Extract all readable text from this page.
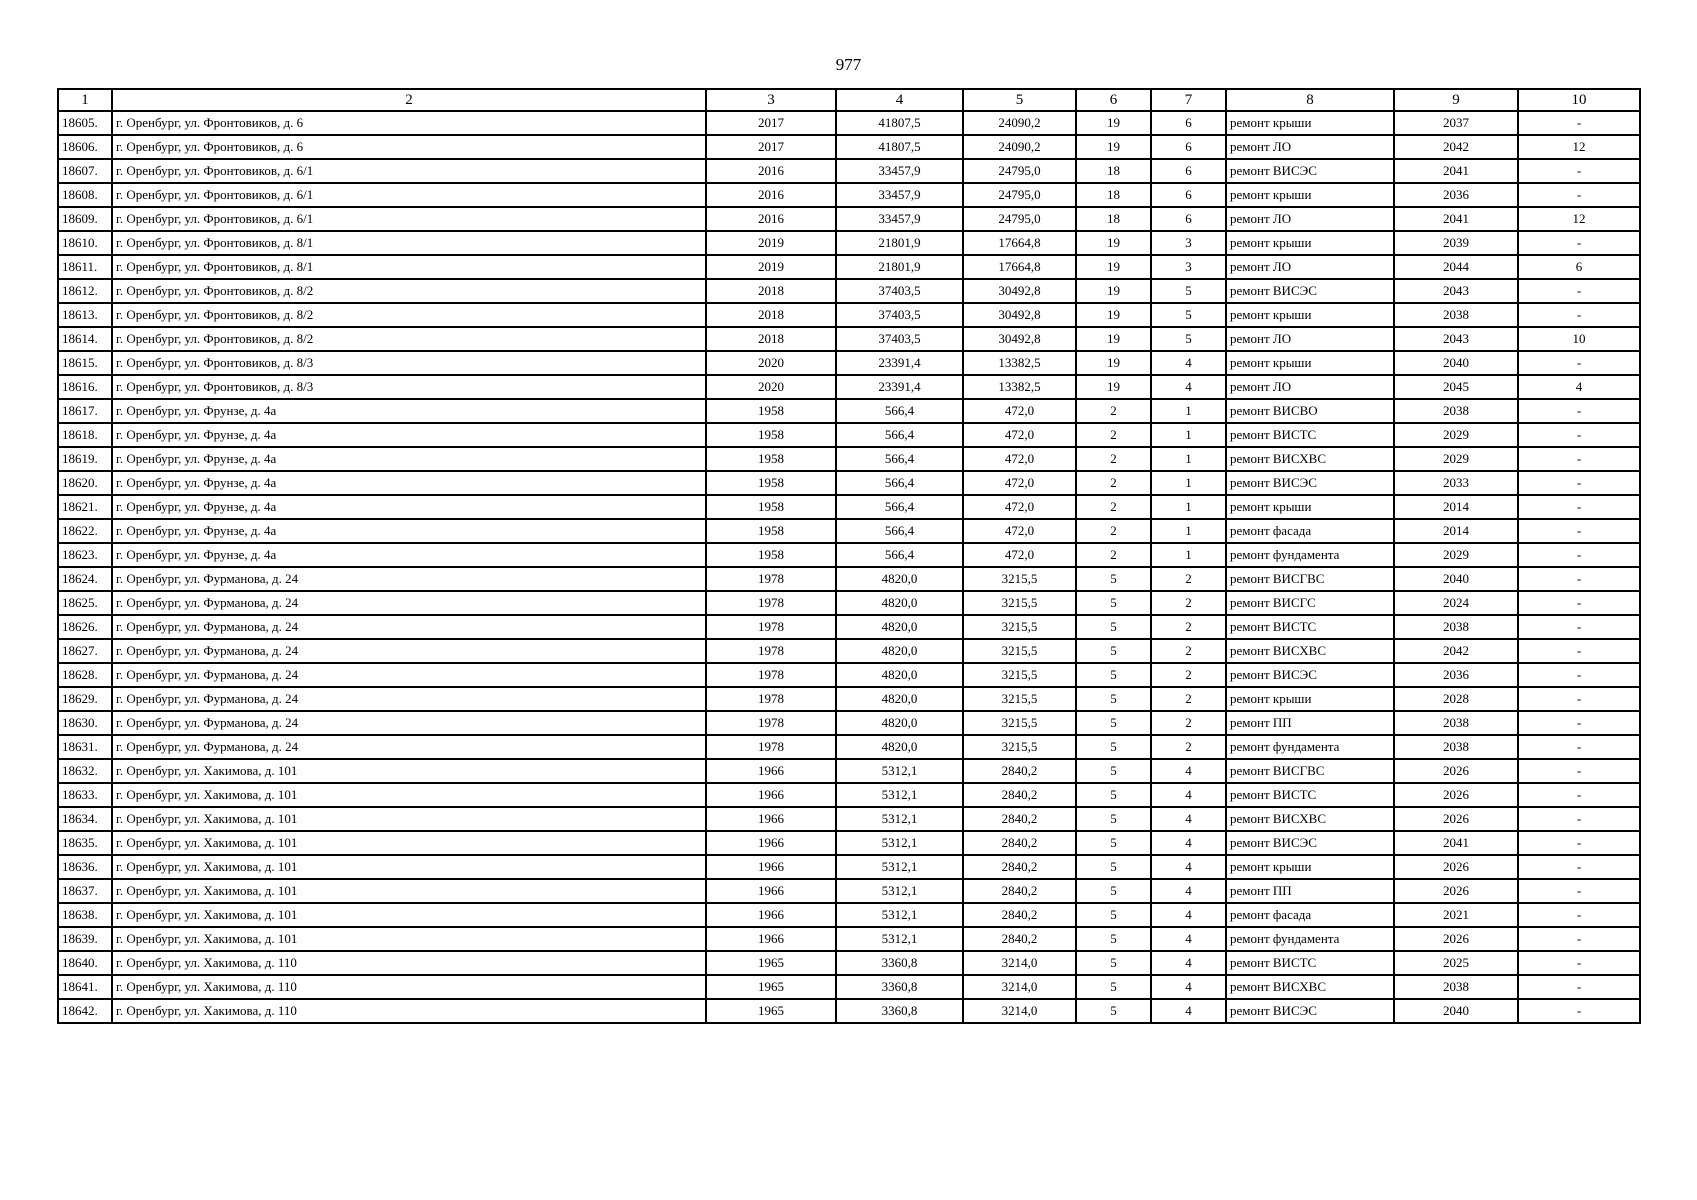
977
1	2	3	4	5	6	7	8	9	10
18605.	г. Оренбург, ул. Фронтовиков, д. 6	2017	41807,5	24090,2	19	6	ремонт крыши	2037	-
18606.	г. Оренбург, ул. Фронтовиков, д. 6	2017	41807,5	24090,2	19	6	ремонт ЛО	2042	12
18607.	г. Оренбург, ул. Фронтовиков, д. 6/1	2016	33457,9	24795,0	18	6	ремонт ВИСЭС	2041	-
18608.	г. Оренбург, ул. Фронтовиков, д. 6/1	2016	33457,9	24795,0	18	6	ремонт крыши	2036	-
18609.	г. Оренбург, ул. Фронтовиков, д. 6/1	2016	33457,9	24795,0	18	6	ремонт ЛО	2041	12
18610.	г. Оренбург, ул. Фронтовиков, д. 8/1	2019	21801,9	17664,8	19	3	ремонт крыши	2039	-
18611.	г. Оренбург, ул. Фронтовиков, д. 8/1	2019	21801,9	17664,8	19	3	ремонт ЛО	2044	6
18612.	г. Оренбург, ул. Фронтовиков, д. 8/2	2018	37403,5	30492,8	19	5	ремонт ВИСЭС	2043	-
18613.	г. Оренбург, ул. Фронтовиков, д. 8/2	2018	37403,5	30492,8	19	5	ремонт крыши	2038	-
18614.	г. Оренбург, ул. Фронтовиков, д. 8/2	2018	37403,5	30492,8	19	5	ремонт ЛО	2043	10
18615.	г. Оренбург, ул. Фронтовиков, д. 8/3	2020	23391,4	13382,5	19	4	ремонт крыши	2040	-
18616.	г. Оренбург, ул. Фронтовиков, д. 8/3	2020	23391,4	13382,5	19	4	ремонт ЛО	2045	4
18617.	г. Оренбург, ул. Фрунзе, д. 4а	1958	566,4	472,0	2	1	ремонт ВИСВО	2038	-
18618.	г. Оренбург, ул. Фрунзе, д. 4а	1958	566,4	472,0	2	1	ремонт ВИСТС	2029	-
18619.	г. Оренбург, ул. Фрунзе, д. 4а	1958	566,4	472,0	2	1	ремонт ВИСХВС	2029	-
18620.	г. Оренбург, ул. Фрунзе, д. 4а	1958	566,4	472,0	2	1	ремонт ВИСЭС	2033	-
18621.	г. Оренбург, ул. Фрунзе, д. 4а	1958	566,4	472,0	2	1	ремонт крыши	2014	-
18622.	г. Оренбург, ул. Фрунзе, д. 4а	1958	566,4	472,0	2	1	ремонт фасада	2014	-
18623.	г. Оренбург, ул. Фрунзе, д. 4а	1958	566,4	472,0	2	1	ремонт фундамента	2029	-
18624.	г. Оренбург, ул. Фурманова, д. 24	1978	4820,0	3215,5	5	2	ремонт ВИСГВС	2040	-
18625.	г. Оренбург, ул. Фурманова, д. 24	1978	4820,0	3215,5	5	2	ремонт ВИСГС	2024	-
18626.	г. Оренбург, ул. Фурманова, д. 24	1978	4820,0	3215,5	5	2	ремонт ВИСТС	2038	-
18627.	г. Оренбург, ул. Фурманова, д. 24	1978	4820,0	3215,5	5	2	ремонт ВИСХВС	2042	-
18628.	г. Оренбург, ул. Фурманова, д. 24	1978	4820,0	3215,5	5	2	ремонт ВИСЭС	2036	-
18629.	г. Оренбург, ул. Фурманова, д. 24	1978	4820,0	3215,5	5	2	ремонт крыши	2028	-
18630.	г. Оренбург, ул. Фурманова, д. 24	1978	4820,0	3215,5	5	2	ремонт ПП	2038	-
18631.	г. Оренбург, ул. Фурманова, д. 24	1978	4820,0	3215,5	5	2	ремонт фундамента	2038	-
18632.	г. Оренбург, ул. Хакимова, д. 101	1966	5312,1	2840,2	5	4	ремонт ВИСГВС	2026	-
18633.	г. Оренбург, ул. Хакимова, д. 101	1966	5312,1	2840,2	5	4	ремонт ВИСТС	2026	-
18634.	г. Оренбург, ул. Хакимова, д. 101	1966	5312,1	2840,2	5	4	ремонт ВИСХВС	2026	-
18635.	г. Оренбург, ул. Хакимова, д. 101	1966	5312,1	2840,2	5	4	ремонт ВИСЭС	2041	-
18636.	г. Оренбург, ул. Хакимова, д. 101	1966	5312,1	2840,2	5	4	ремонт крыши	2026	-
18637.	г. Оренбург, ул. Хакимова, д. 101	1966	5312,1	2840,2	5	4	ремонт ПП	2026	-
18638.	г. Оренбург, ул. Хакимова, д. 101	1966	5312,1	2840,2	5	4	ремонт фасада	2021	-
18639.	г. Оренбург, ул. Хакимова, д. 101	1966	5312,1	2840,2	5	4	ремонт фундамента	2026	-
18640.	г. Оренбург, ул. Хакимова, д. 110	1965	3360,8	3214,0	5	4	ремонт ВИСТС	2025	-
18641.	г. Оренбург, ул. Хакимова, д. 110	1965	3360,8	3214,0	5	4	ремонт ВИСХВС	2038	-
18642.	г. Оренбург, ул. Хакимова, д. 110	1965	3360,8	3214,0	5	4	ремонт ВИСЭС	2040	-
